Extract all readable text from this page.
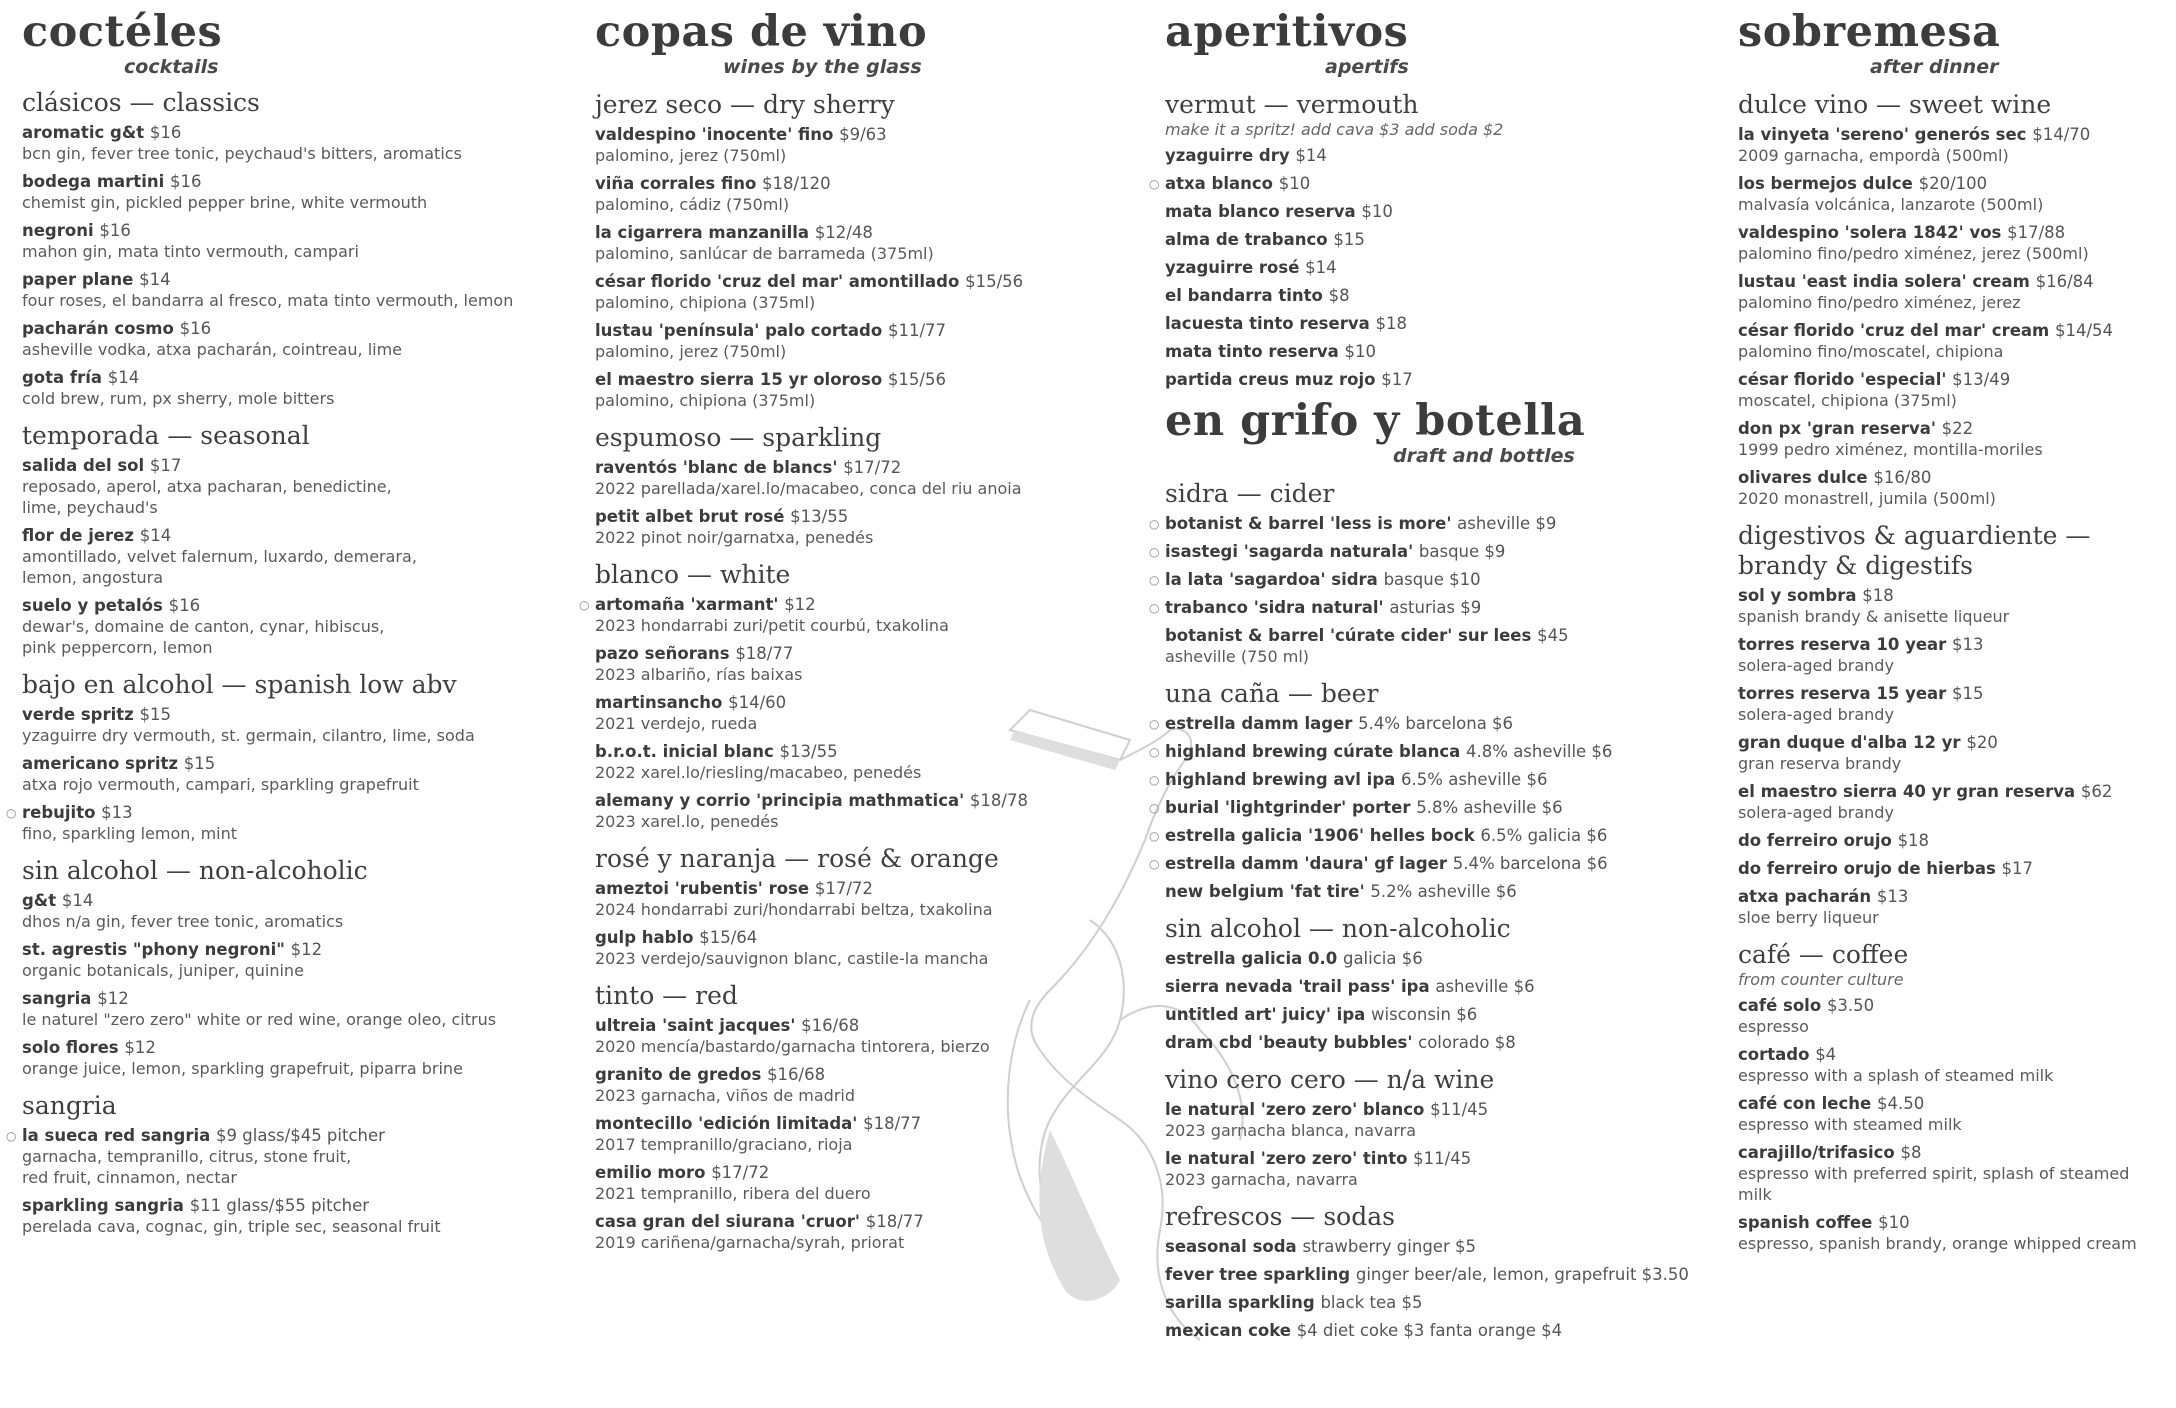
coctéles
cocktails
clásicos — classics
aromatic g&t $16
bcn gin, fever tree tonic, peychaud's bitters, aromatics
bodega martini $16
chemist gin, pickled pepper brine, white vermouth
negroni $16
mahon gin, mata tinto vermouth, campari
paper plane $14
four roses, el bandarra al fresco, mata tinto vermouth, lemon
pacharán cosmo $16
asheville vodka, atxa pacharán, cointreau, lime
gota fría $14
cold brew, rum, px sherry, mole bitters
temporada — seasonal
salida del sol $17
reposado, aperol, atxa pacharan, benedictine,
lime, peychaud's
flor de jerez $14
amontillado, velvet falernum, luxardo, demerara,
lemon, angostura
suelo y petalós $16
dewar's, domaine de canton, cynar, hibiscus,
pink peppercorn, lemon
bajo en alcohol — spanish low abv
verde spritz $15
yzaguirre dry vermouth, st. germain, cilantro, lime, soda
americano spritz $15
atxa rojo vermouth, campari, sparkling grapefruit
○ rebujito $13
fino, sparkling lemon, mint
sin alcohol — non-alcoholic
g&t $14
dhos n/a gin, fever tree tonic, aromatics
st. agrestis "phony negroni" $12
organic botanicals, juniper, quinine
sangria $12
le naturel "zero zero" white or red wine, orange oleo, citrus
solo flores $12
orange juice, lemon, sparkling grapefruit, piparra brine
sangria
○ la sueca red sangria $9 glass/$45 pitcher
garnacha, tempranillo, citrus, stone fruit,
red fruit, cinnamon, nectar
sparkling sangria $11 glass/$55 pitcher
perelada cava, cognac, gin, triple sec, seasonal fruit
copas de vino
wines by the glass
jerez seco — dry sherry
valdespino 'inocente' fino $9/63
palomino, jerez (750ml)
viña corrales fino $18/120
palomino, cádiz (750ml)
la cigarrera manzanilla $12/48
palomino, sanlúcar de barrameda (375ml)
césar florido 'cruz del mar' amontillado $15/56
palomino, chipiona (375ml)
lustau 'península' palo cortado $11/77
palomino, jerez (750ml)
el maestro sierra 15 yr oloroso $15/56
palomino, chipiona (375ml)
espumoso — sparkling
raventós 'blanc de blancs' $17/72
2022 parellada/xarel.lo/macabeo, conca del riu anoia
petit albet brut rosé $13/55
2022 pinot noir/garnatxa, penedés
blanco — white
○ artomaña 'xarmant' $12
2023 hondarrabi zuri/petit courbú, txakolina
pazo señorans $18/77
2023 albariño, rías baixas
martinsancho $14/60
2021 verdejo, rueda
b.r.o.t. inicial blanc $13/55
2022 xarel.lo/riesling/macabeo, penedés
alemany y corrio 'principia mathmatica' $18/78
2023 xarel.lo, penedés
rosé y naranja — rosé & orange
ameztoi 'rubentis' rose $17/72
2024 hondarrabi zuri/hondarrabi beltza, txakolina
gulp hablo $15/64
2023 verdejo/sauvignon blanc, castile-la mancha
tinto — red
ultreia 'saint jacques' $16/68
2020 mencía/bastardo/garnacha tintorera, bierzo
granito de gredos $16/68
2023 garnacha, viños de madrid
montecillo 'edición limitada' $18/77
2017 tempranillo/graciano, rioja
emilio moro $17/72
2021 tempranillo, ribera del duero
casa gran del siurana 'cruor' $18/77
2019 cariñena/garnacha/syrah, priorat
aperitivos
apertifs
vermut — vermouth
make it a spritz! add cava $3 add soda $2
yzaguirre dry $14
○ atxa blanco $10
mata blanco reserva $10
alma de trabanco $15
yzaguirre rosé $14
el bandarra tinto $8
lacuesta tinto reserva $18
mata tinto reserva $10
partida creus muz rojo $17
en grifo y botella
draft and bottles
sidra — cider
○ botanist & barrel 'less is more' asheville $9
○ isastegi 'sagarda naturala' basque $9
○ la lata 'sagardoa' sidra basque $10
○ trabanco 'sidra natural' asturias $9
botanist & barrel 'cúrate cider' sur lees $45
asheville (750 ml)
una caña — beer
○ estrella damm lager 5.4% barcelona $6
○ highland brewing cúrate blanca 4.8% asheville $6
○ highland brewing avl ipa 6.5% asheville $6
○ burial 'lightgrinder' porter 5.8% asheville $6
○ estrella galicia '1906' helles bock 6.5% galicia $6
○ estrella damm 'daura' gf lager 5.4% barcelona $6
new belgium 'fat tire' 5.2% asheville $6
sin alcohol — non-alcoholic
estrella galicia 0.0 galicia $6
sierra nevada 'trail pass' ipa asheville $6
untitled art' juicy' ipa wisconsin $6
dram cbd 'beauty bubbles' colorado $8
vino cero cero — n/a wine
le natural 'zero zero' blanco $11/45
2023 garnacha blanca, navarra
le natural 'zero zero' tinto $11/45
2023 garnacha, navarra
refrescos — sodas
seasonal soda strawberry ginger $5
fever tree sparkling ginger beer/ale, lemon, grapefruit $3.50
sarilla sparkling black tea $5
mexican coke $4 diet coke $3 fanta orange $4
sobremesa
after dinner
dulce vino — sweet wine
la vinyeta 'sereno' generós sec $14/70
2009 garnacha, empordà (500ml)
los bermejos dulce $20/100
malvasía volcánica, lanzarote (500ml)
valdespino 'solera 1842' vos $17/88
palomino fino/pedro ximénez, jerez (500ml)
lustau 'east india solera' cream $16/84
palomino fino/pedro ximénez, jerez
césar florido 'cruz del mar' cream $14/54
palomino fino/moscatel, chipiona
césar florido 'especial' $13/49
moscatel, chipiona (375ml)
don px 'gran reserva' $22
1999 pedro ximénez, montilla-moriles
olivares dulce $16/80
2020 monastrell, jumila (500ml)
digestivos & aguardiente —
brandy & digestifs
sol y sombra $18
spanish brandy & anisette liqueur
torres reserva 10 year $13
solera-aged brandy
torres reserva 15 year $15
solera-aged brandy
gran duque d'alba 12 yr $20
gran reserva brandy
el maestro sierra 40 yr gran reserva $62
solera-aged brandy
do ferreiro orujo $18
do ferreiro orujo de hierbas $17
atxa pacharán $13
sloe berry liqueur
café — coffee
from counter culture
café solo $3.50
espresso
cortado $4
espresso with a splash of steamed milk
café con leche $4.50
espresso with steamed milk
carajillo/trifasico $8
espresso with preferred spirit, splash of steamed milk
spanish coffee $10
espresso, spanish brandy, orange whipped cream
